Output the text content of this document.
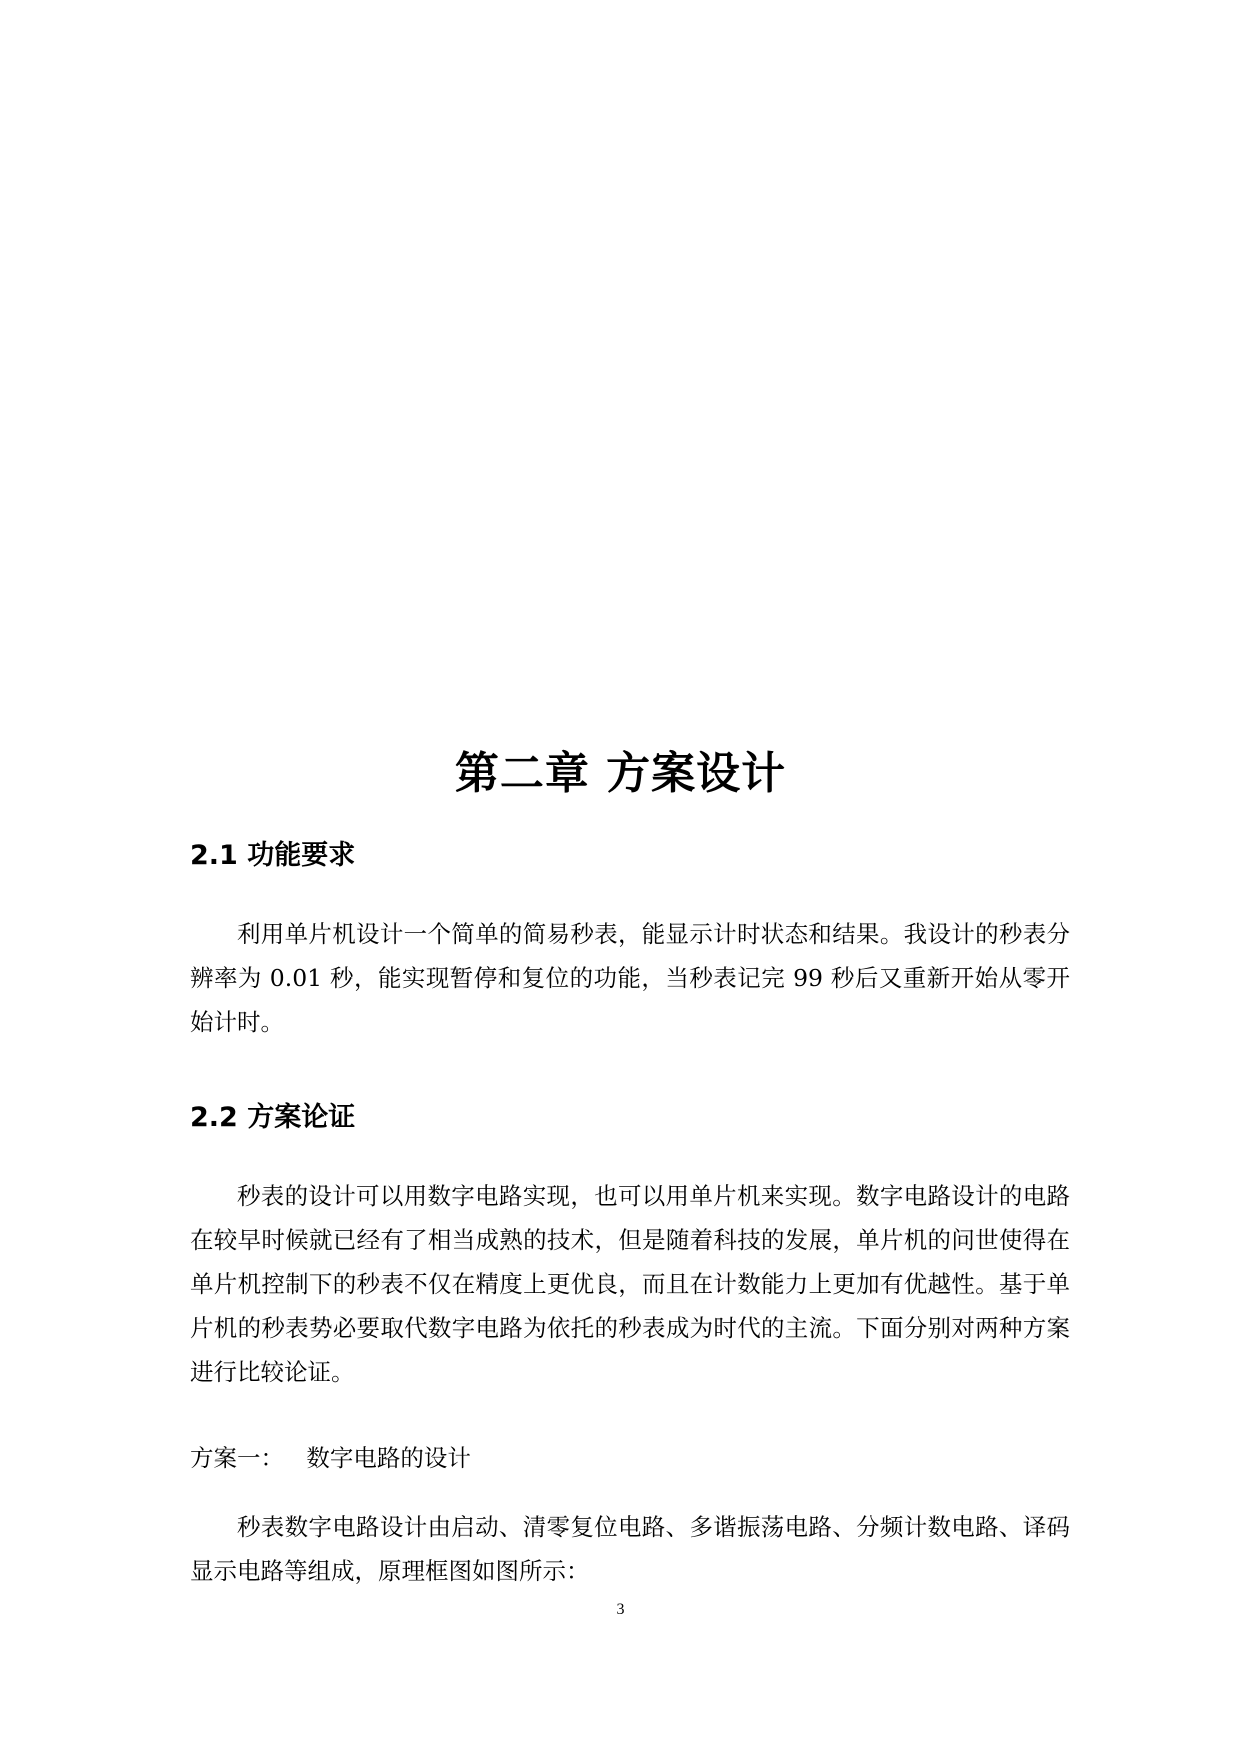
第二章 方案设计
2.1 功能要求

利用单片机设计一个简单的简易秒表，能显示计时状态和结果。我设计的秒表分辨率为 0.01 秒，能实现暂停和复位的功能，当秒表记完 99 秒后又重新开始从零开始计时。

2.2 方案论证

秒表的设计可以用数字电路实现，也可以用单片机来实现。数字电路设计的电路在较早时候就已经有了相当成熟的技术，但是随着科技的发展，单片机的问世使得在单片机控制下的秒表不仅在精度上更优良，而且在计数能力上更加有优越性。基于单片机的秒表势必要取代数字电路为依托的秒表成为时代的主流。下面分别对两种方案进行比较论证。

方案一：   数字电路的设计

秒表数字电路设计由启动、清零复位电路、多谐振荡电路、分频计数电路、译码显示电路等组成，原理框图如图所示：

3
